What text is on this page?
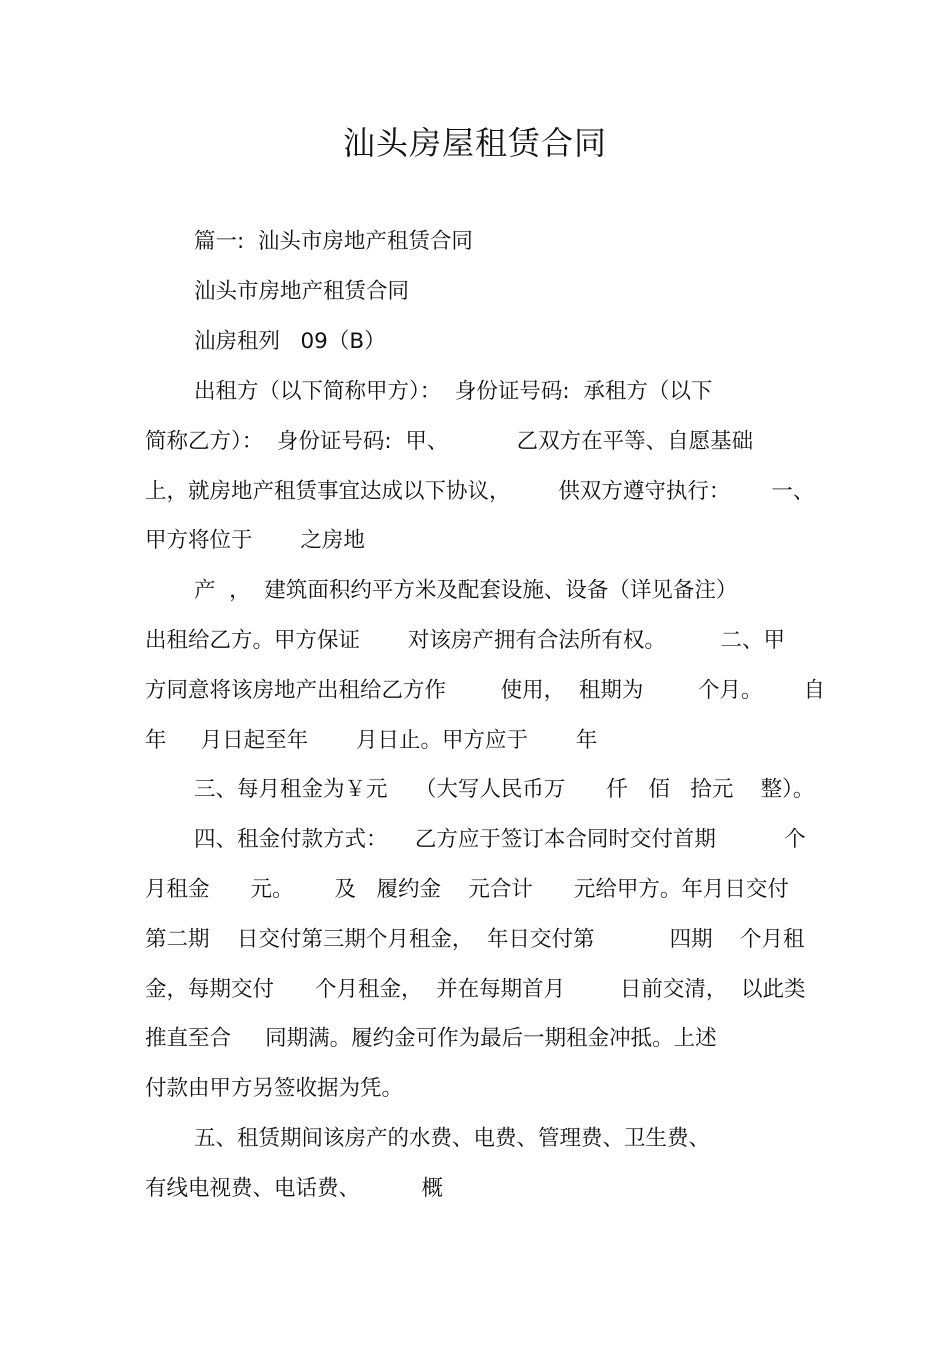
汕头房屋租赁合同
篇一:  汕头市房地产租赁合同
汕头市房地产租赁合同
汕房租列   09（B）
出租方（以下简称甲方）：  身份证号码:  承租方（以下
简称乙方）：  身份证号码:  甲、          乙双方在平等、自愿基础
上，就房地产租赁事宜达成以下协议，       供双方遵守执行：      一、
甲方将位于       之房地
产  ，  建筑面积约平方米及配套设施、设备（详见备注）
出租给乙方。甲方保证       对该房产拥有合法所有权。        二、甲
方同意将该房地产出租给乙方作        使用，  租期为        个月。      自
年     月日起至年       月日止。甲方应于       年
三、每月租金为￥元    （大写人民币万      仟   佰   拾元    整）。
四、租金付款方式：    乙方应于签订本合同时交付首期          个
月租金      元。      及   履约金    元合计      元给甲方。年月日交付
第二期    日交付第三期个月租金，  年日交付第           四期    个月租
金，每期交付      个月租金，  并在每期首月        日前交清，  以此类
推直至合     同期满。履约金可作为最后一期租金冲抵。上述
付款由甲方另签收据为凭。
五、租赁期间该房产的水费、电费、管理费、卫生费、
有线电视费、电话费、         概
